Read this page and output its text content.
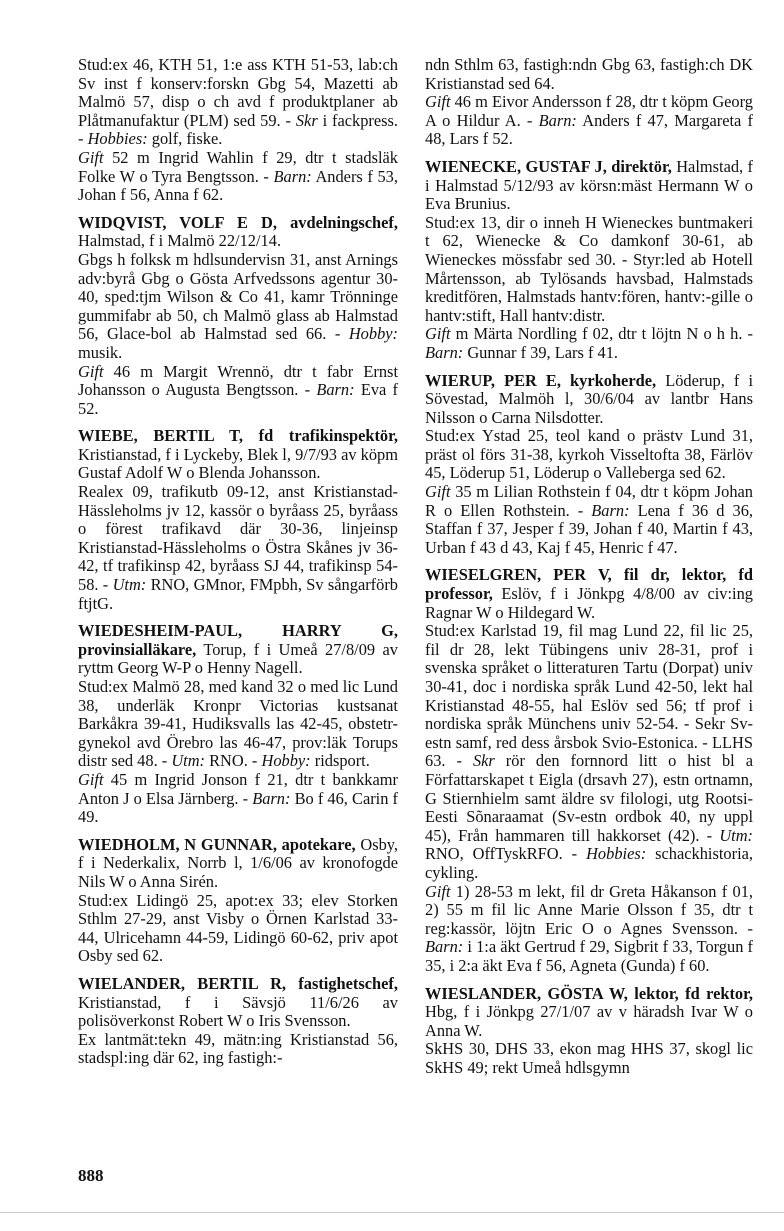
Stud:ex 46, KTH 51, 1:e ass KTH 51-53, lab:ch Sv inst f konserv:forskn Gbg 54, Mazetti ab Malmö 57, disp o ch avd f produktplaner ab Plåtmanufaktur (PLM) sed 59. - Skr i fackpress. - Hobbies: golf, fiske.

Gift 52 m Ingrid Wahlin f 29, dtr t stadsläk Folke W o Tyra Bengtsson. - Barn: Anders f 53, Johan f 56, Anna f 62.

WIDQVIST, VOLF E D, avdelningschef, Halmstad, f i Malmö 22/12/14.

Gbgs h folksk m hdlsundervisn 31, anst Arnings adv:byrå Gbg o Gösta Arfvedssons agentur 30-40, sped:tjm Wilson & Co 41, kamr Trönninge gummifabr ab 50, ch Malmö glass ab Halmstad 56, Glace-bol ab Halmstad sed 66. - Hobby: musik.

Gift 46 m Margit Wrennö, dtr t fabr Ernst Johansson o Augusta Bengtsson. - Barn: Eva f 52.

WIEBE, BERTIL T, fd trafikinspektör, Kristianstad, f i Lyckeby, Blek l, 9/7/93 av köpm Gustaf Adolf W o Blenda Johansson.

Realex 09, trafikutb 09-12, anst Kristianstad-Hässleholms jv 12, kassör o byråass 25, byråass o förest trafikavd där 30-36, linjeinsp Kristianstad-Hässleholms o Östra Skånes jv 36-42, tf trafikinsp 42, byråass SJ 44, trafikinsp 54-58. - Utm: RNO, GMnor, FMpbh, Sv sångarförb ftjtG.

WIEDESHEIM-PAUL, HARRY G, provinsialläkare, Torup, f i Umeå 27/8/09 av ryttm Georg W-P o Henny Nagell.

Stud:ex Malmö 28, med kand 32 o med lic Lund 38, underläk Kronpr Victorias kustsanat Barkåkra 39-41, Hudiksvalls las 42-45, obstetr-gynekol avd Örebro las 46-47, prov:läk Torups distr sed 48. - Utm: RNO. - Hobby: ridsport.

Gift 45 m Ingrid Jonson f 21, dtr t bankkamr Anton J o Elsa Järnberg. - Barn: Bo f 46, Carin f 49.

WIEDHOLM, N GUNNAR, apotekare, Osby, f i Nederkalix, Norrb l, 1/6/06 av kronofogde Nils W o Anna Sirén.

Stud:ex Lidingö 25, apot:ex 33; elev Storken Sthlm 27-29, anst Visby o Örnen Karlstad 33-44, Ulricehamn 44-59, Lidingö 60-62, priv apot Osby sed 62.

WIELANDER, BERTIL R, fastighetschef, Kristianstad, f i Sävsjö 11/6/26 av polisöverkonst Robert W o Iris Svensson.

Ex lantmät:tekn 49, mätn:ing Kristianstad 56, stadspl:ing där 62, ing fastigh:-

ndn Sthlm 63, fastigh:ndn Gbg 63, fastigh:ch DK Kristianstad sed 64.

Gift 46 m Eivor Andersson f 28, dtr t köpm Georg A o Hildur A. - Barn: Anders f 47, Margareta f 48, Lars f 52.

WIENECKE, GUSTAF J, direktör, Halmstad, f i Halmstad 5/12/93 av körsn:mäst Hermann W o Eva Brunius.

Stud:ex 13, dir o inneh H Wieneckes buntmakeri t 62, Wienecke & Co damkonf 30-61, ab Wieneckes mössfabr sed 30. - Styr:led ab Hotell Mårtensson, ab Tylösands havsbad, Halmstads kreditfören, Halmstads hantv:fören, hantv:-gille o hantv:stift, Hall hantv:distr.

Gift m Märta Nordling f 02, dtr t löjtn N o h h. - Barn: Gunnar f 39, Lars f 41.

WIERUP, PER E, kyrkoherde, Löderup, f i Sövestad, Malmöh l, 30/6/04 av lantbr Hans Nilsson o Carna Nilsdotter.

Stud:ex Ystad 25, teol kand o prästv Lund 31, präst ol förs 31-38, kyrkoh Visseltofta 38, Färlöv 45, Löderup 51, Löderup o Valleberga sed 62.

Gift 35 m Lilian Rothstein f 04, dtr t köpm Johan R o Ellen Rothstein. - Barn: Lena f 36 d 36, Staffan f 37, Jesper f 39, Johan f 40, Martin f 43, Urban f 43 d 43, Kaj f 45, Henric f 47.

WIESELGREN, PER V, fil dr, lektor, fd professor, Eslöv, f i Jönkpg 4/8/00 av civ:ing Ragnar W o Hildegard W.

Stud:ex Karlstad 19, fil mag Lund 22, fil lic 25, fil dr 28, lekt Tübingens univ 28-31, prof i svenska språket o litteraturen Tartu (Dorpat) univ 30-41, doc i nordiska språk Lund 42-50, lekt hal Kristianstad 48-55, hal Eslöv sed 56; tf prof i nordiska språk Münchens univ 52-54. - Sekr Sv-estn samf, red dess årsbok Svio-Estonica. - LLHS 63. - Skr rör den fornnord litt o hist bl a Författarskapet t Eigla (drsavh 27), estn ortnamn, G Stiernhielm samt äldre sv filologi, utg Rootsi-Eesti Sõnaraamat (Sv-estn ordbok 40, ny uppl 45), Från hammaren till hakkorset (42). - Utm: RNO, OffTyskRFO. - Hobbies: schackhistoria, cykling.

Gift 1) 28-53 m lekt, fil dr Greta Håkanson f 01, 2) 55 m fil lic Anne Marie Olsson f 35, dtr t reg:kassör, löjtn Eric O o Agnes Svensson. - Barn: i 1:a äkt Gertrud f 29, Sigbrit f 33, Torgun f 35, i 2:a äkt Eva f 56, Agneta (Gunda) f 60.

WIESLANDER, GÖSTA W, lektor, fd rektor, Hbg, f i Jönkpg 27/1/07 av v häradsh Ivar W o Anna W.

SkHS 30, DHS 33, ekon mag HHS 37, skogl lic SkHS 49; rekt Umeå hdlsgymn

888
